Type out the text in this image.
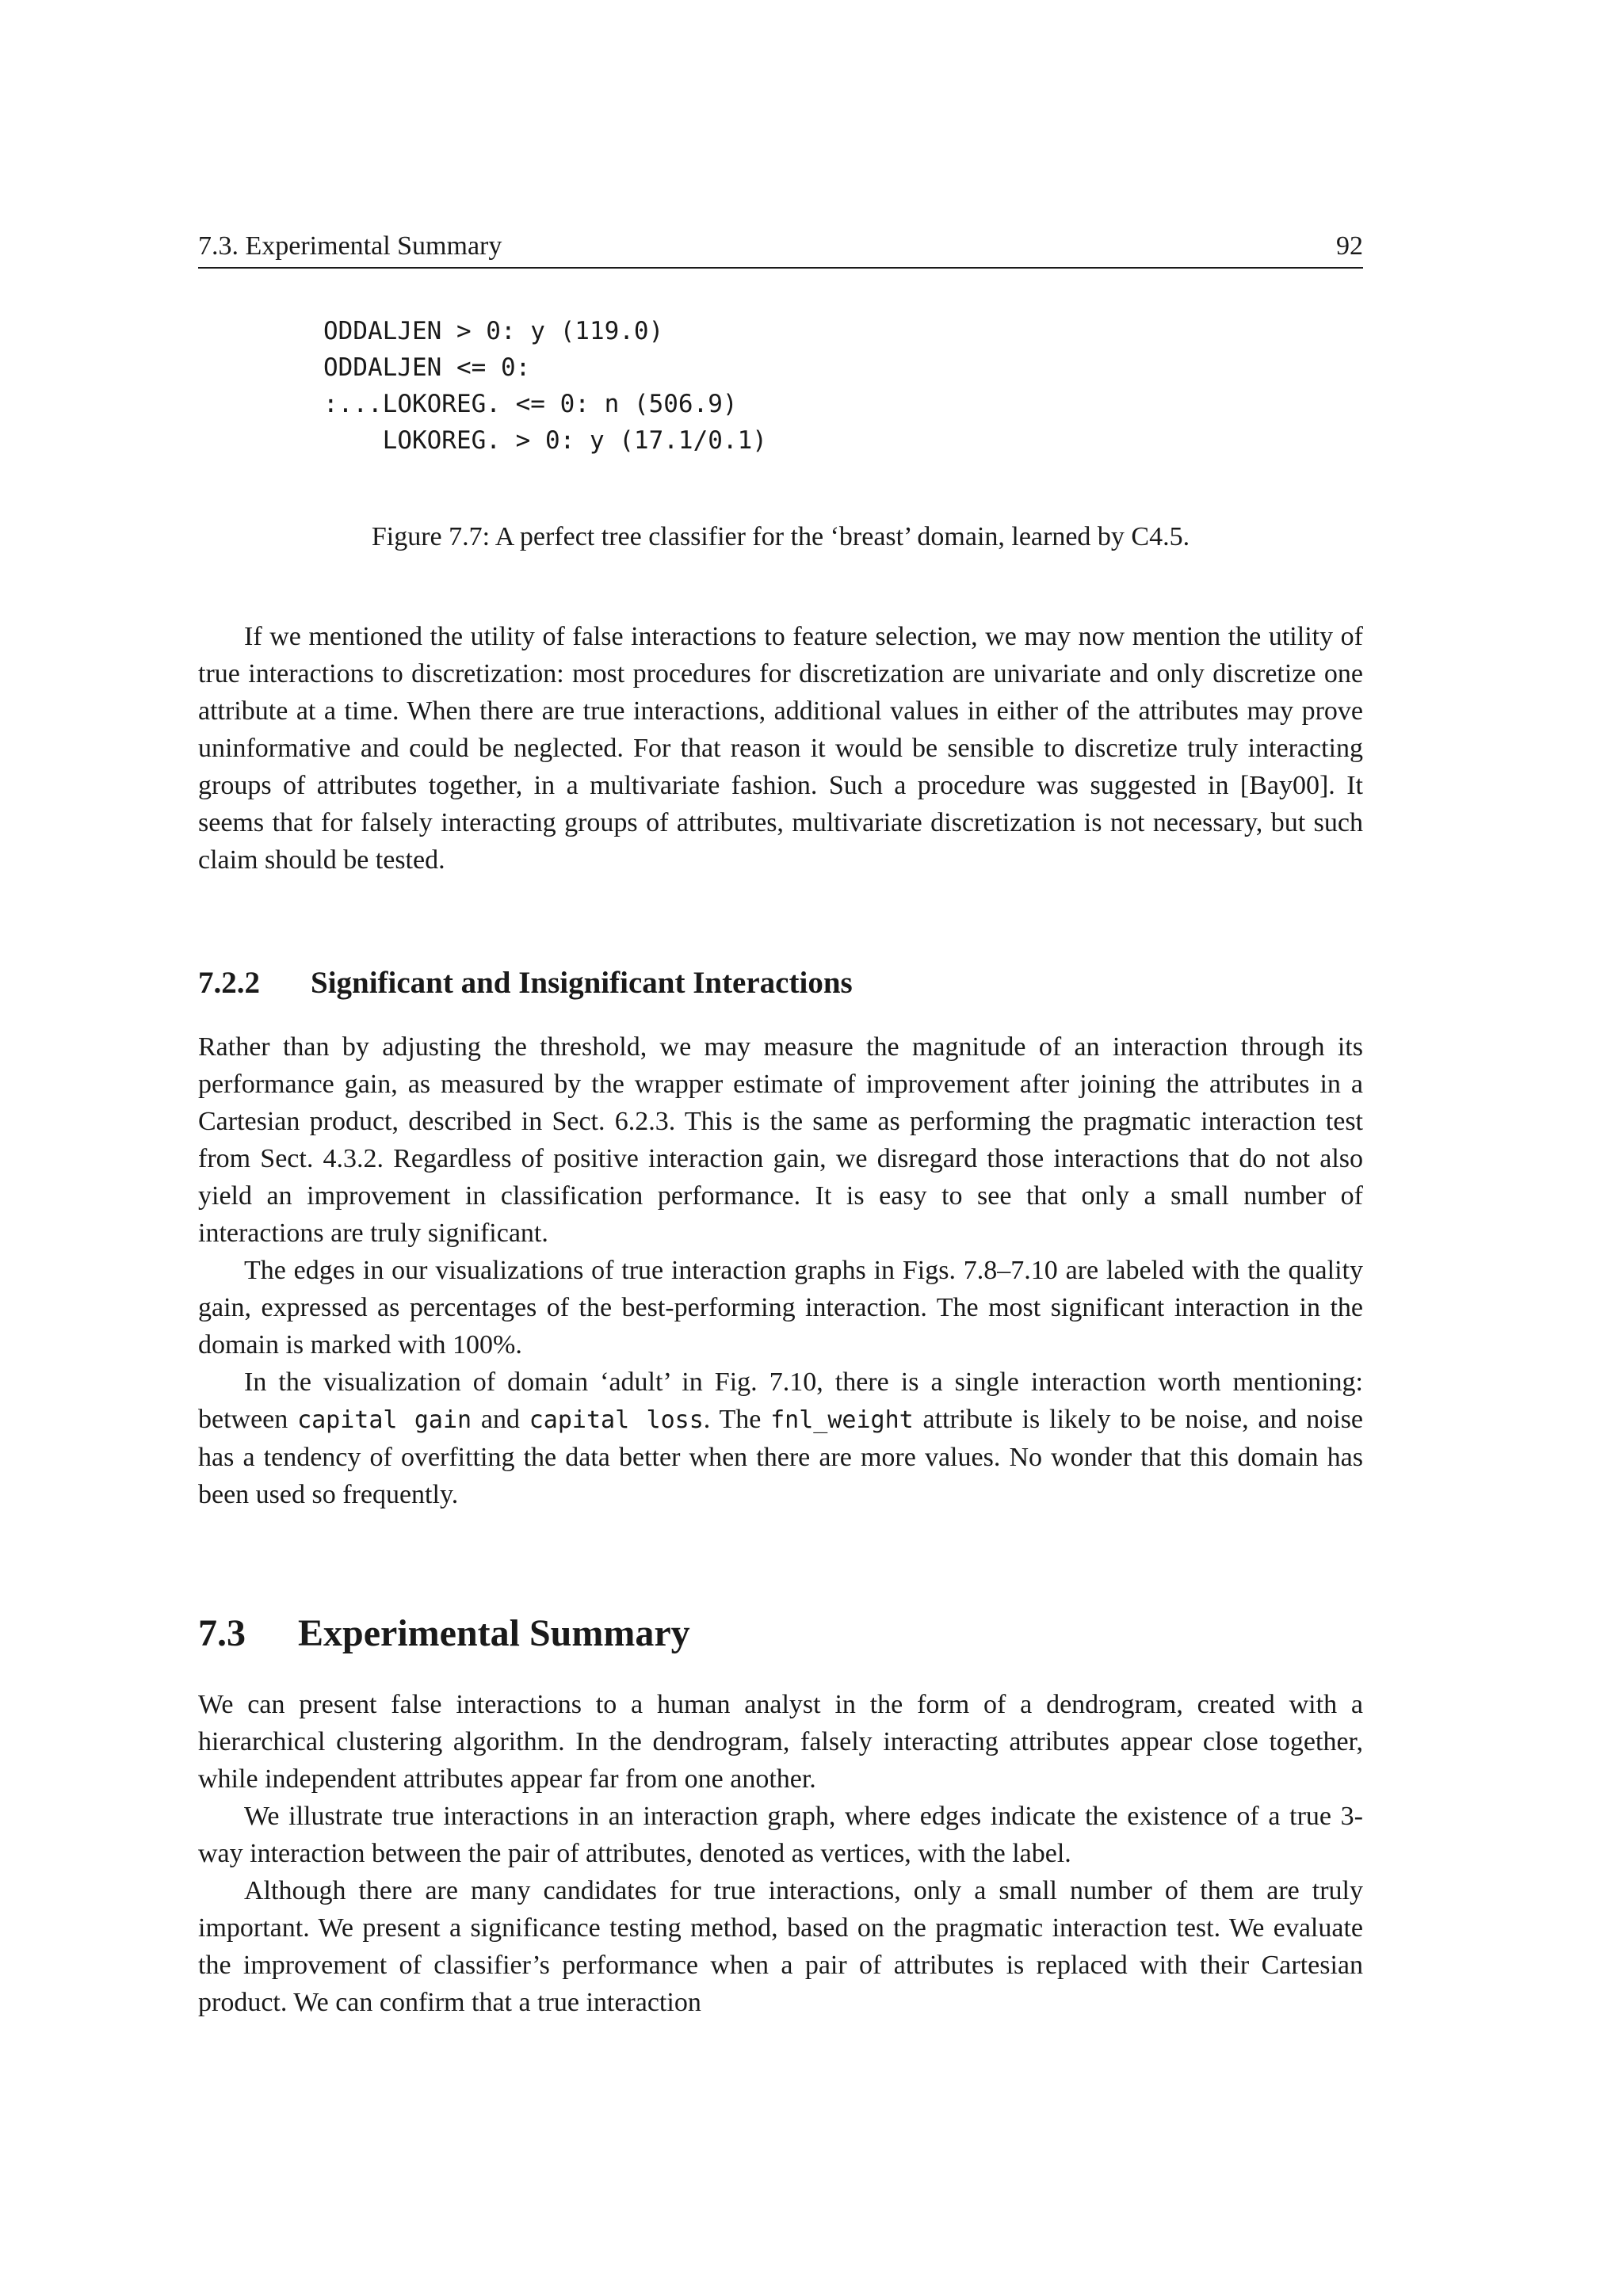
7.3. Experimental Summary	92
ODDALJEN > 0: y (119.0)
ODDALJEN <= 0:
:...LOKOREG. <= 0: n (506.9)
LOKOREG. > 0: y (17.1/0.1)
Figure 7.7: A perfect tree classifier for the ‘breast’ domain, learned by C4.5.

If we mentioned the utility of false interactions to feature selection, we may now mention the utility of true interactions to discretization: most procedures for discretization are univariate and only discretize one attribute at a time. When there are true interactions, additional values in either of the attributes may prove uninformative and could be neglected. For that reason it would be sensible to discretize truly interacting groups of attributes together, in a multivariate fashion. Such a procedure was suggested in [Bay00]. It seems that for falsely interacting groups of attributes, multivariate discretization is not necessary, but such claim should be tested.

7.2.2 Significant and Insignificant Interactions

Rather than by adjusting the threshold, we may measure the magnitude of an interaction through its performance gain, as measured by the wrapper estimate of improvement after joining the attributes in a Cartesian product, described in Sect. 6.2.3. This is the same as performing the pragmatic interaction test from Sect. 4.3.2. Regardless of positive interaction gain, we disregard those interactions that do not also yield an improvement in classification performance. It is easy to see that only a small number of interactions are truly significant.

The edges in our visualizations of true interaction graphs in Figs. 7.8–7.10 are labeled with the quality gain, expressed as percentages of the best-performing interaction. The most significant interaction in the domain is marked with 100%.

In the visualization of domain ‘adult’ in Fig. 7.10, there is a single interaction worth mentioning: between capital gain and capital loss. The fnl_weight attribute is likely to be noise, and noise has a tendency of overfitting the data better when there are more values. No wonder that this domain has been used so frequently.

7.3 Experimental Summary

We can present false interactions to a human analyst in the form of a dendrogram, created with a hierarchical clustering algorithm. In the dendrogram, falsely interacting attributes appear close together, while independent attributes appear far from one another.

We illustrate true interactions in an interaction graph, where edges indicate the existence of a true 3-way interaction between the pair of attributes, denoted as vertices, with the label.

Although there are many candidates for true interactions, only a small number of them are truly important. We present a significance testing method, based on the pragmatic interaction test. We evaluate the improvement of classifier’s performance when a pair of attributes is replaced with their Cartesian product. We can confirm that a true interaction
